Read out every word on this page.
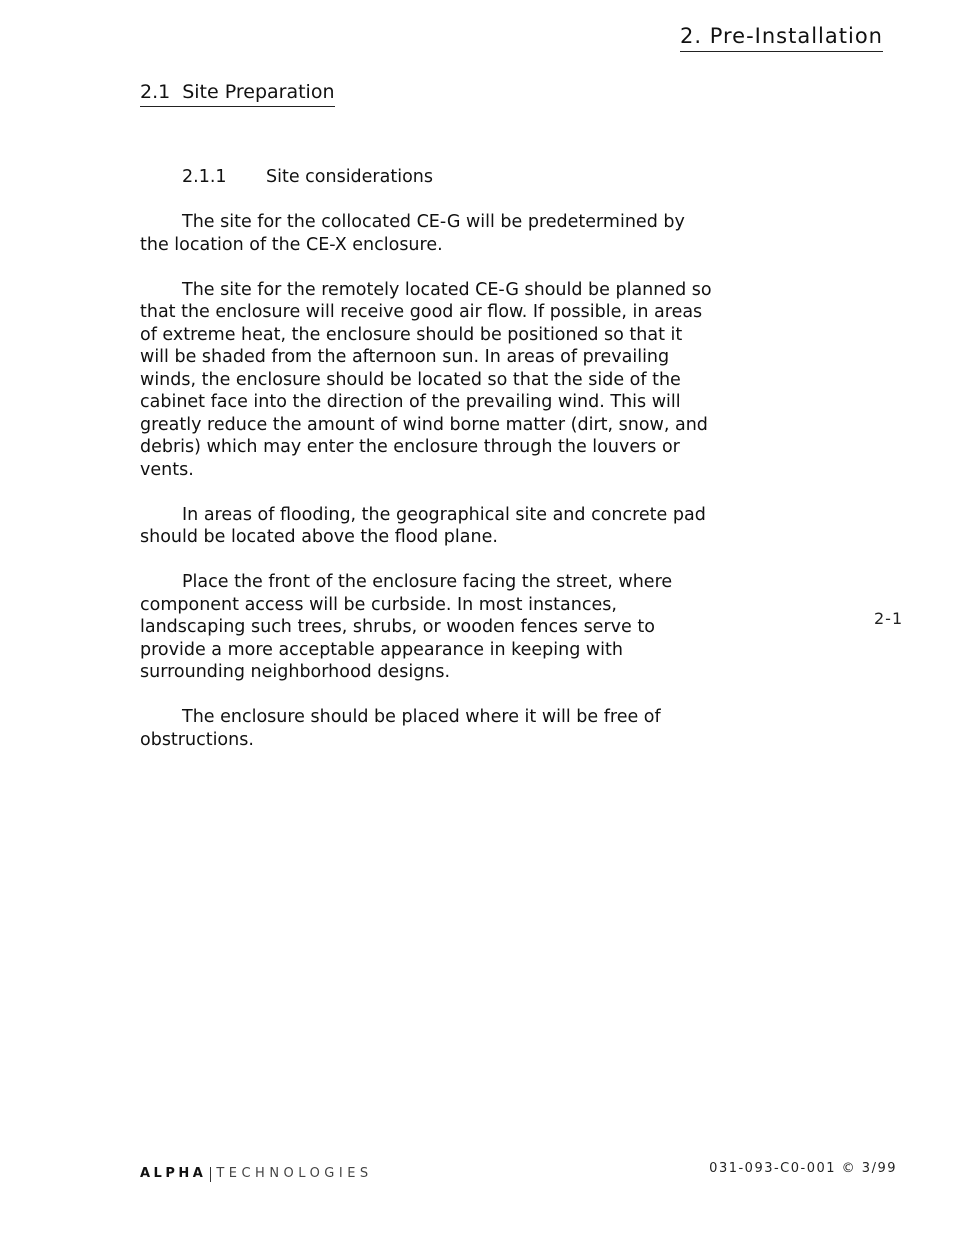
2. Pre-Installation
2.1 Site Preparation
2.1.1 Site considerations

The site for the collocated CE-G will be predetermined by
the location of the CE-X enclosure.

The site for the remotely located CE-G should be planned so
that the enclosure will receive good air flow. If possible, in areas
of extreme heat, the enclosure should be positioned so that it
will be shaded from the afternoon sun. In areas of prevailing
winds, the enclosure should be located so that the side of the
cabinet face into the direction of the prevailing wind. This will
greatly reduce the amount of wind borne matter (dirt, snow, and
debris) which may enter the enclosure through the louvers or
vents.

In areas of flooding, the geographical site and concrete pad
should be located above the flood plane.

Place the front of the enclosure facing the street, where
component access will be curbside. In most instances,
landscaping such trees, shrubs, or wooden fences serve to
provide a more acceptable appearance in keeping with
surrounding neighborhood designs.

The enclosure should be placed where it will be free of
obstructions.

2-1
ALPHA TECHNOLOGIES	031-093-C0-001 © 3/99
